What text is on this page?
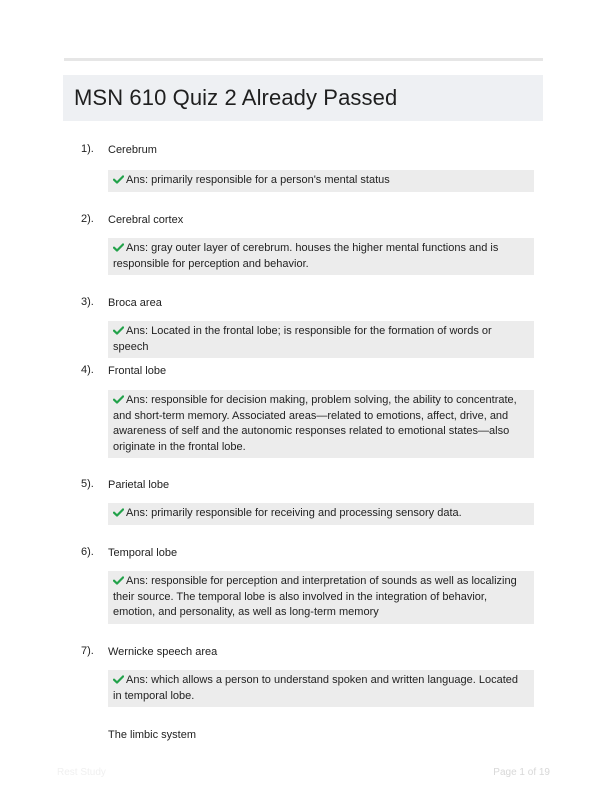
MSN 610 Quiz 2 Already Passed
1). Cerebrum
Ans: primarily responsible for a person's mental status
2). Cerebral cortex
Ans: gray outer layer of cerebrum. houses the higher mental functions and is responsible for perception and behavior.
3). Broca area
Ans: Located in the frontal lobe; is responsible for the formation of words or speech
4). Frontal lobe
Ans: responsible for decision making, problem solving, the ability to concentrate, and short-term memory. Associated areas—related to emotions, affect, drive, and awareness of self and the autonomic responses related to emotional states—also originate in the frontal lobe.
5). Parietal lobe
Ans: primarily responsible for receiving and processing sensory data.
6). Temporal lobe
Ans: responsible for perception and interpretation of sounds as well as localizing their source. The temporal lobe is also involved in the integration of behavior, emotion, and personality, as well as long-term memory
7). Wernicke speech area
Ans: which allows a person to understand spoken and written language. Located in temporal lobe.
The limbic system
Rest Study	Page 1 of 19
